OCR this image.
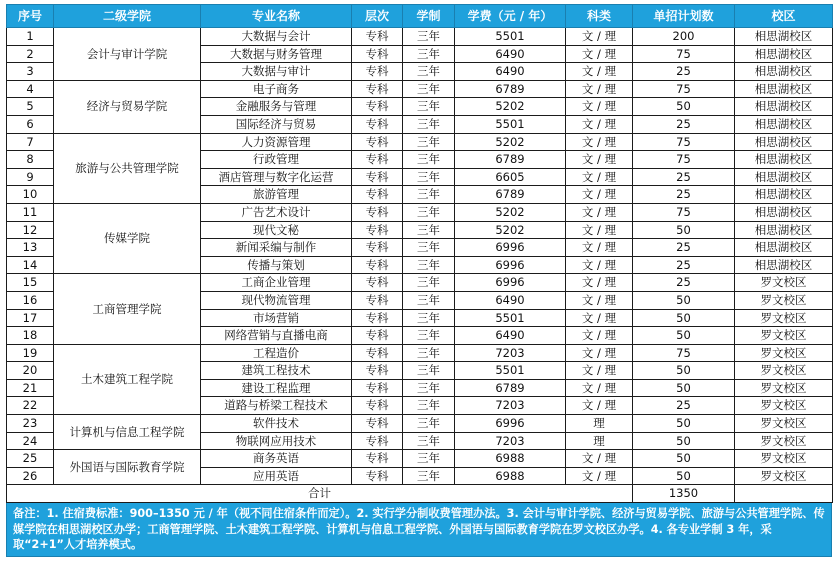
序号	二级学院	专业名称	层次	学制	学费（元 / 年）	科类	单招计划数	校区
1	会计与审计学院	大数据与会计	专科	三年	5501	文 / 理	200	相思湖校区
2		大数据与财务管理	专科	三年	6490	文 / 理	75	相思湖校区
3		大数据与审计	专科	三年	6490	文 / 理	25	相思湖校区
4	经济与贸易学院	电子商务	专科	三年	6789	文 / 理	75	相思湖校区
5		金融服务与管理	专科	三年	5202	文 / 理	50	相思湖校区
6		国际经济与贸易	专科	三年	5501	文 / 理	25	相思湖校区
7	旅游与公共管理学院	人力资源管理	专科	三年	5202	文 / 理	75	相思湖校区
8		行政管理	专科	三年	6789	文 / 理	75	相思湖校区
9		酒店管理与数字化运营	专科	三年	6605	文 / 理	25	相思湖校区
10		旅游管理	专科	三年	6789	文 / 理	25	相思湖校区
11	传媒学院	广告艺术设计	专科	三年	5202	文 / 理	75	相思湖校区
12		现代文秘	专科	三年	5202	文 / 理	50	相思湖校区
13		新闻采编与制作	专科	三年	6996	文 / 理	25	相思湖校区
14		传播与策划	专科	三年	6996	文 / 理	25	相思湖校区
15	工商管理学院	工商企业管理	专科	三年	6996	文 / 理	25	罗文校区
16		现代物流管理	专科	三年	6490	文 / 理	50	罗文校区
17		市场营销	专科	三年	5501	文 / 理	50	罗文校区
18		网络营销与直播电商	专科	三年	6490	文 / 理	50	罗文校区
19	土木建筑工程学院	工程造价	专科	三年	7203	文 / 理	75	罗文校区
20		建筑工程技术	专科	三年	5501	文 / 理	50	罗文校区
21		建设工程监理	专科	三年	6789	文 / 理	50	罗文校区
22		道路与桥梁工程技术	专科	三年	7203	文 / 理	25	罗文校区
23	计算机与信息工程学院	软件技术	专科	三年	6996	理	50	罗文校区
24		物联网应用技术	专科	三年	7203	理	50	罗文校区
25	外国语与国际教育学院	商务英语	专科	三年	6988	文 / 理	50	罗文校区
26		应用英语	专科	三年	6988	文 / 理	50	罗文校区
合计							1350	
备注：1. 住宿费标准：900–1350 元 / 年（视不同住宿条件而定）。2. 实行学分制收费管理办法。3. 会计与审计学院、经济与贸易学院、旅游与公共管理学院、传媒学院在相思湖校区办学；工商管理学院、土木建筑工程学院、计算机与信息工程学院、外国语与国际教育学院在罗文校区办学。4. 各专业学制 3 年，采取“2+1”人才培养模式。
